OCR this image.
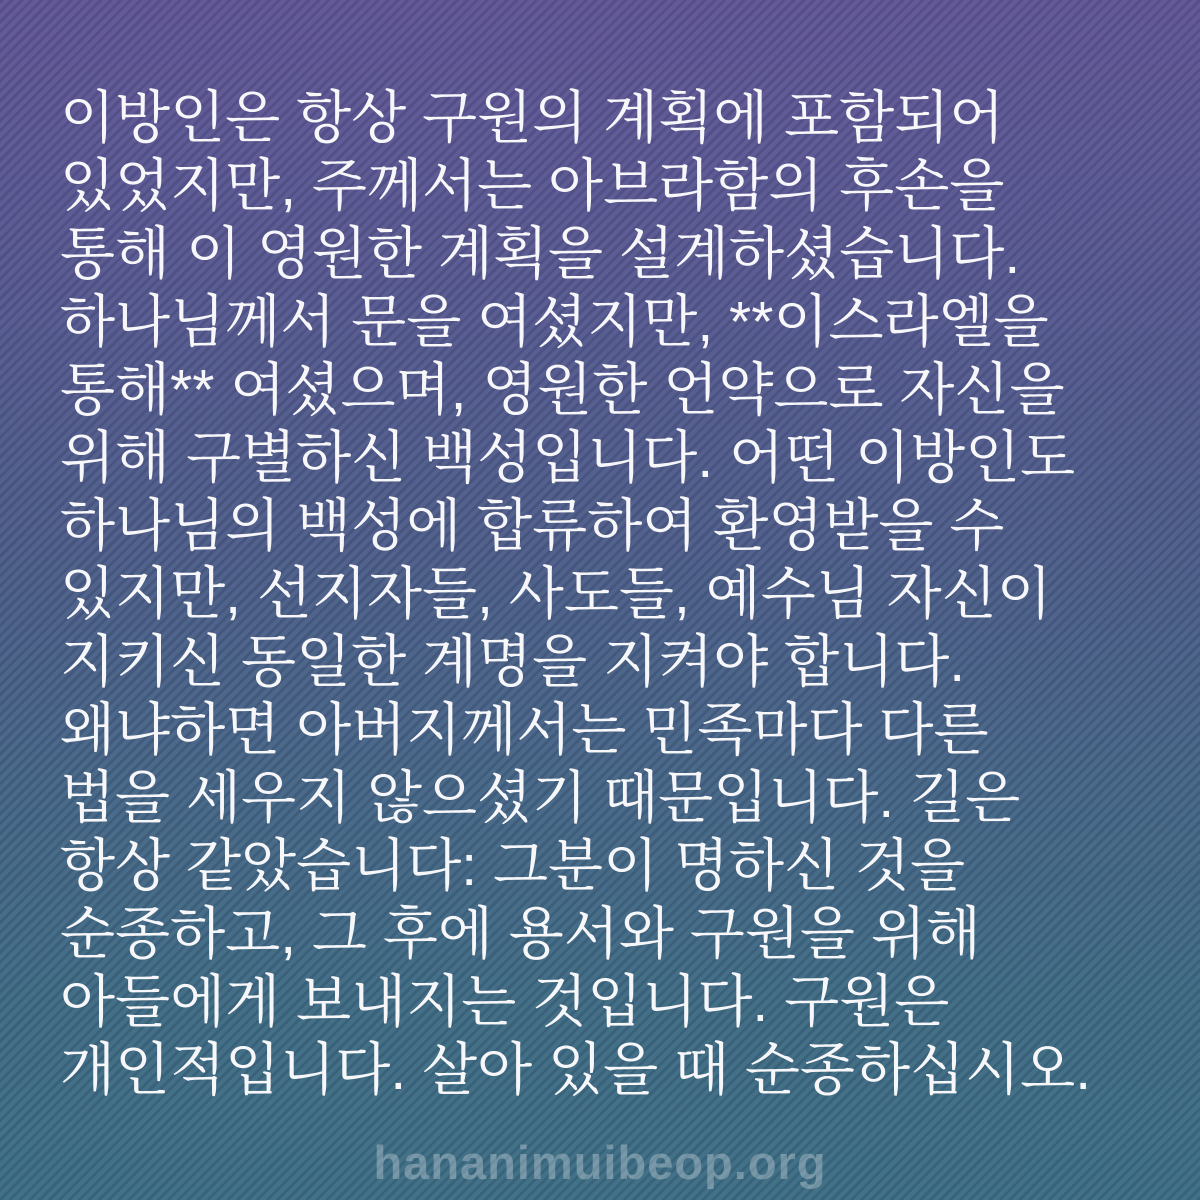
이방인은 항상 구원의 계획에 포함되어
있었지만, 주께서는 아브라함의 후손을
통해 이 영원한 계획을 설계하셨습니다.
하나님께서 문을 여셨지만, **이스라엘을
통해** 여셨으며, 영원한 언약으로 자신을
위해 구별하신 백성입니다. 어떤 이방인도
하나님의 백성에 합류하여 환영받을 수
있지만, 선지자들, 사도들, 예수님 자신이
지키신 동일한 계명을 지켜야 합니다.
왜냐하면 아버지께서는 민족마다 다른
법을 세우지 않으셨기 때문입니다. 길은
항상 같았습니다: 그분이 명하신 것을
순종하고, 그 후에 용서와 구원을 위해
아들에게 보내지는 것입니다. 구원은
개인적입니다. 살아 있을 때 순종하십시오.
hananimuibeop.org
